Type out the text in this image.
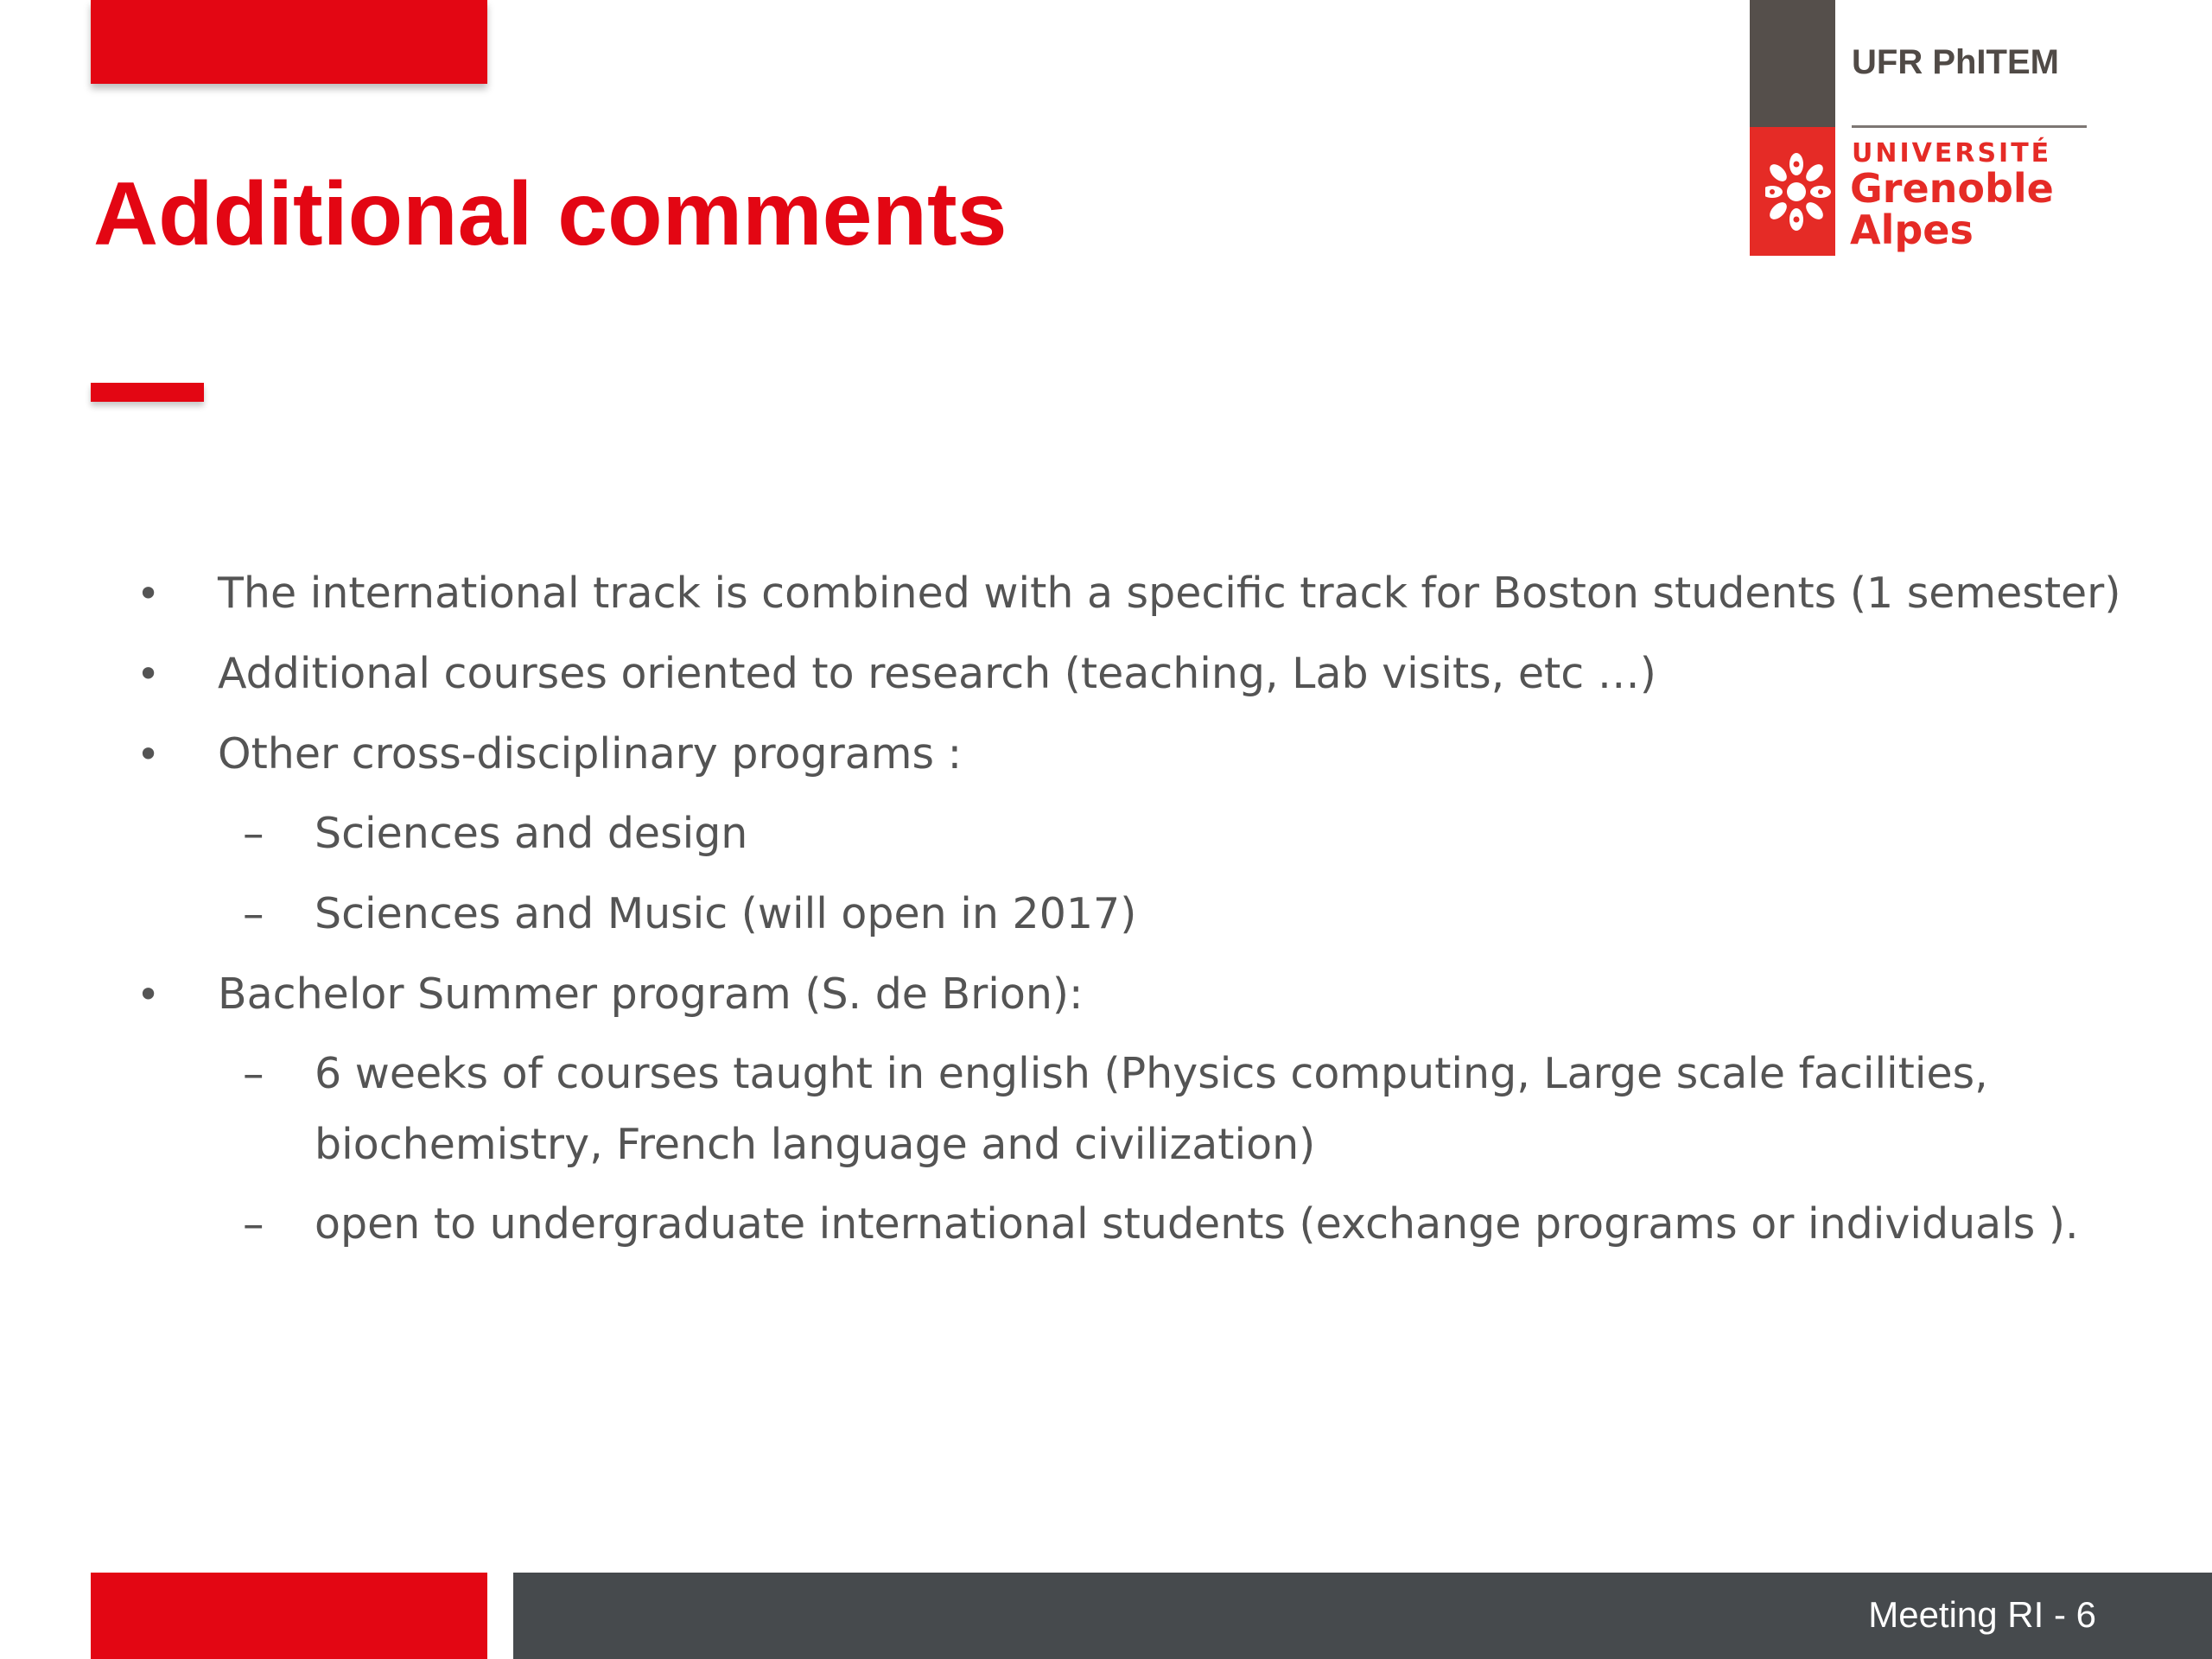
Additional comments
UFR PhITEM
UNIVERSITÉ
Grenoble
Alpes
• The international track is combined with a specific track for Boston students (1 semester)
• Additional courses oriented to research (teaching, Lab visits, etc …)
• Other cross-disciplinary programs :
– Sciences and design
– Sciences and Music (will open in 2017)
• Bachelor Summer program (S. de Brion):
– 6 weeks of courses taught in english (Physics computing, Large scale facilities,
biochemistry, French language and civilization)
– open to undergraduate international students (exchange programs or individuals ).
Meeting RI - 6
